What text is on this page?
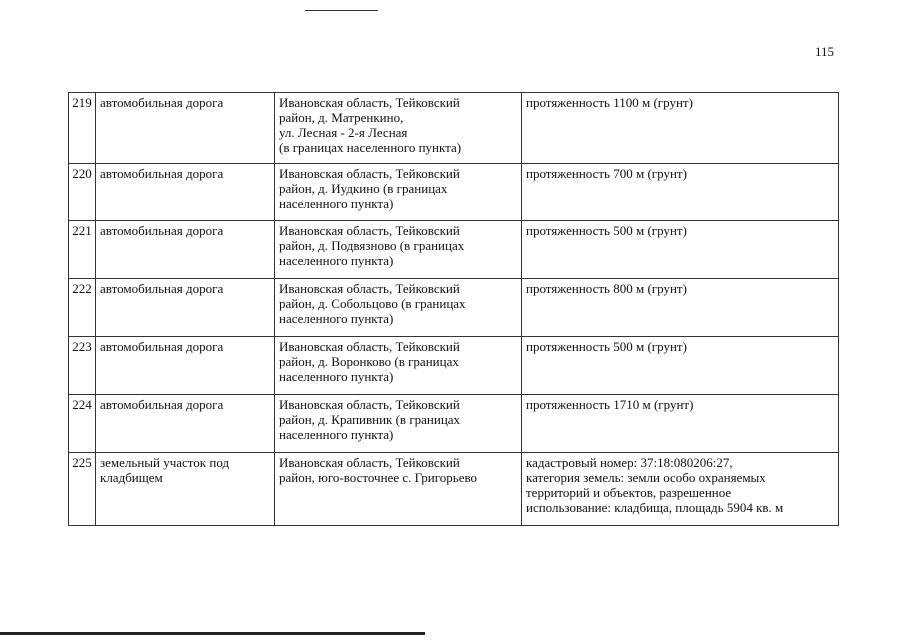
115
219	автомобильная дорога	Ивановская область, Тейковский
район, д. Матренкино,
ул. Лесная - 2-я Лесная
(в границах населенного пункта)	протяженность 1100 м (грунт)
220	автомобильная дорога	Ивановская область, Тейковский
район, д. Иудкино (в границах
населенного пункта)	протяженность 700 м (грунт)
221	автомобильная дорога	Ивановская область, Тейковский
район, д. Подвязново (в границах
населенного пункта)	протяженность 500 м (грунт)
222	автомобильная дорога	Ивановская область, Тейковский
район, д. Собольцово (в границах
населенного пункта)	протяженность 800 м (грунт)
223	автомобильная дорога	Ивановская область, Тейковский
район, д. Воронково (в границах
населенного пункта)	протяженность 500 м (грунт)
224	автомобильная дорога	Ивановская область, Тейковский
район, д. Крапивник (в границах
населенного пункта)	протяженность 1710 м (грунт)
225	земельный участок под кладбищем	Ивановская область, Тейковский
район, юго-восточнее с. Григорьево	кадастровый номер: 37:18:080206:27,
категория земель: земли особо охраняемых
территорий и объектов, разрешенное
использование: кладбища, площадь 5904 кв. м
